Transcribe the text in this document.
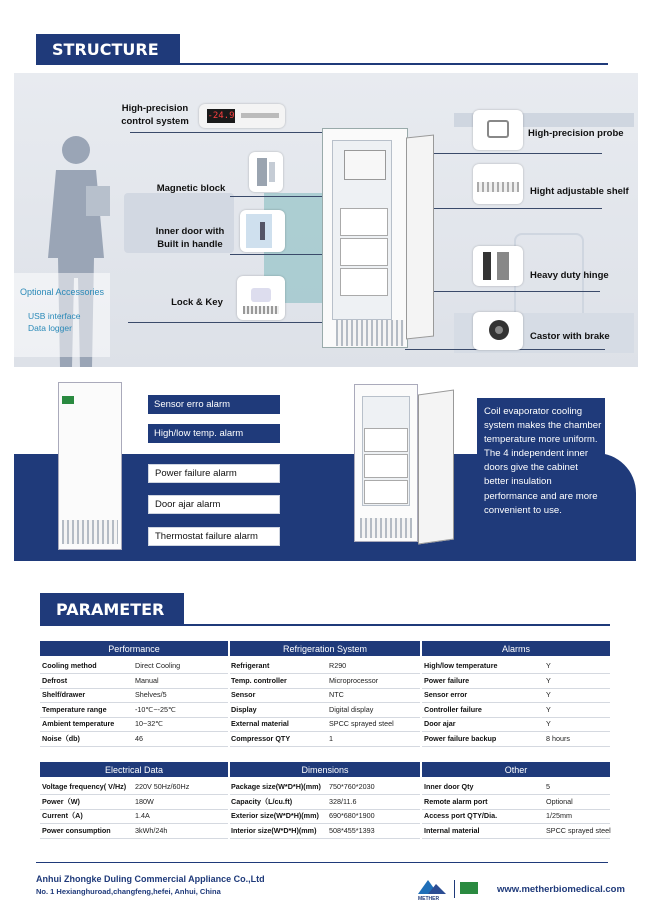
STRUCTURE
Optional Accessories
USB interface
Data logger
-24.9
High-precision
control system
Magnetic block
Inner door with
Built in handle
Lock & Key
High-precision probe
Hight adjustable shelf
Heavy duty hinge
Castor with brake
Sensor erro alarm
High/low temp. alarm
Power failure alarm
Door ajar alarm
Thermostat failure alarm
Coil evaporator cooling system makes the chamber temperature more uniform.
The 4 independent inner doors give the cabinet better insulation performance and are more convenient to use.
PARAMETER
Performance	Refrigeration System	Alarms
Cooling method	Direct Cooling
Defrost	Manual
Shelf/drawer	Shelves/5
Temperature range	-10℃~-25℃
Ambient temperature	10~32℃
Noise（db)	46
Refrigerant	R290
Temp. controller	Microprocessor
Sensor	NTC
Display	Digital display
External material	SPCC sprayed steel
Compressor QTY	1
High/low temperature	Y
Power failure	Y
Sensor error	Y
Controller failure	Y
Door ajar	Y
Power failure backup	8 hours
Electrical Data	Dimensions	Other
Voltage frequency( V/Hz) 220V 50Hz/60Hz
Power（W)	180W
Current（A)	1.4A
Power consumption	3kWh/24h
Package size(W*D*H)(mm) 750*760*2030
Capacity（L/cu.ft)	328/11.6
Exterior size(W*D*H)(mm) 690*680*1900
Interior size(W*D*H)(mm) 508*455*1393
Inner door Qty	5
Remote alarm port	Optional
Access port QTY/Dia.	1/25mm
Internal material	SPCC sprayed steel
Anhui Zhongke Duling Commercial Appliance Co.,Ltd
No. 1 Hexianghuroad,changfeng,hefei, Anhui, China
METHER
www.metherbiomedical.com
